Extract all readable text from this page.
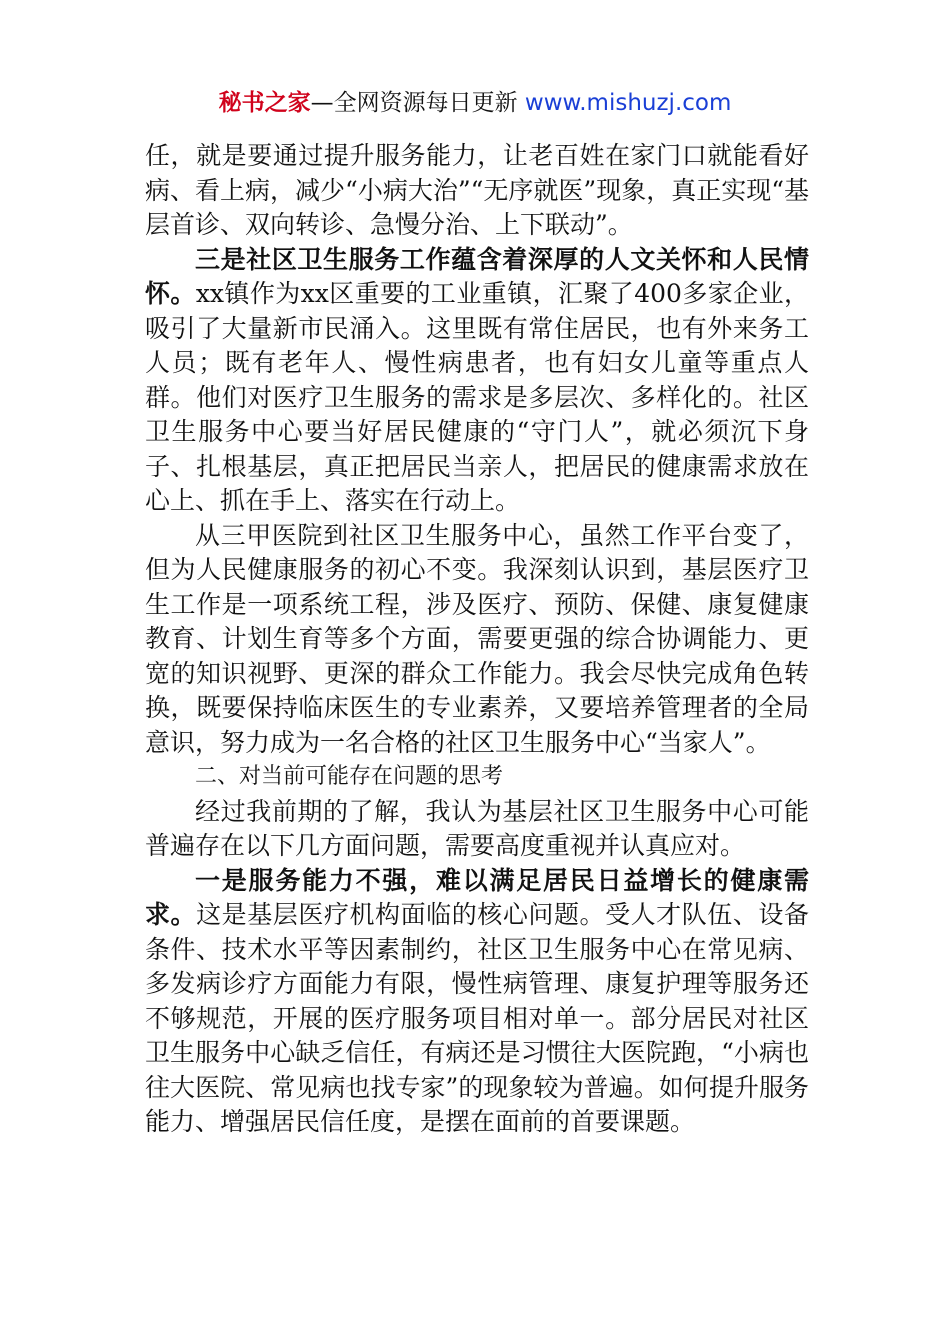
秘书之家—全网资源每日更新 www.mishuzj.com

任，就是要通过提升服务能力，让老百姓在家门口就能看好病、看上病，减少“小病大治”“无序就医”现象，真正实现“基层首诊、双向转诊、急慢分治、上下联动”。

三是社区卫生服务工作蕴含着深厚的人文关怀和人民情怀。xx镇作为xx区重要的工业重镇，汇聚了400多家企业，吸引了大量新市民涌入。这里既有常住居民，也有外来务工人员；既有老年人、慢性病患者，也有妇女儿童等重点人群。他们对医疗卫生服务的需求是多层次、多样化的。社区卫生服务中心要当好居民健康的“守门人”，就必须沉下身子、扎根基层，真正把居民当亲人，把居民的健康需求放在心上、抓在手上、落实在行动上。

从三甲医院到社区卫生服务中心，虽然工作平台变了，但为人民健康服务的初心不变。我深刻认识到，基层医疗卫生工作是一项系统工程，涉及医疗、预防、保健、康复健康教育、计划生育等多个方面，需要更强的综合协调能力、更宽的知识视野、更深的群众工作能力。我会尽快完成角色转换，既要保持临床医生的专业素养，又要培养管理者的全局意识，努力成为一名合格的社区卫生服务中心“当家人”。

二、对当前可能存在问题的思考

经过我前期的了解，我认为基层社区卫生服务中心可能普遍存在以下几方面问题，需要高度重视并认真应对。

一是服务能力不强，难以满足居民日益增长的健康需求。这是基层医疗机构面临的核心问题。受人才队伍、设备条件、技术水平等因素制约，社区卫生服务中心在常见病、多发病诊疗方面能力有限，慢性病管理、康复护理等服务还不够规范，开展的医疗服务项目相对单一。部分居民对社区卫生服务中心缺乏信任，有病还是习惯往大医院跑，“小病也往大医院、常见病也找专家”的现象较为普遍。如何提升服务能力、增强居民信任度，是摆在面前的首要课题。
